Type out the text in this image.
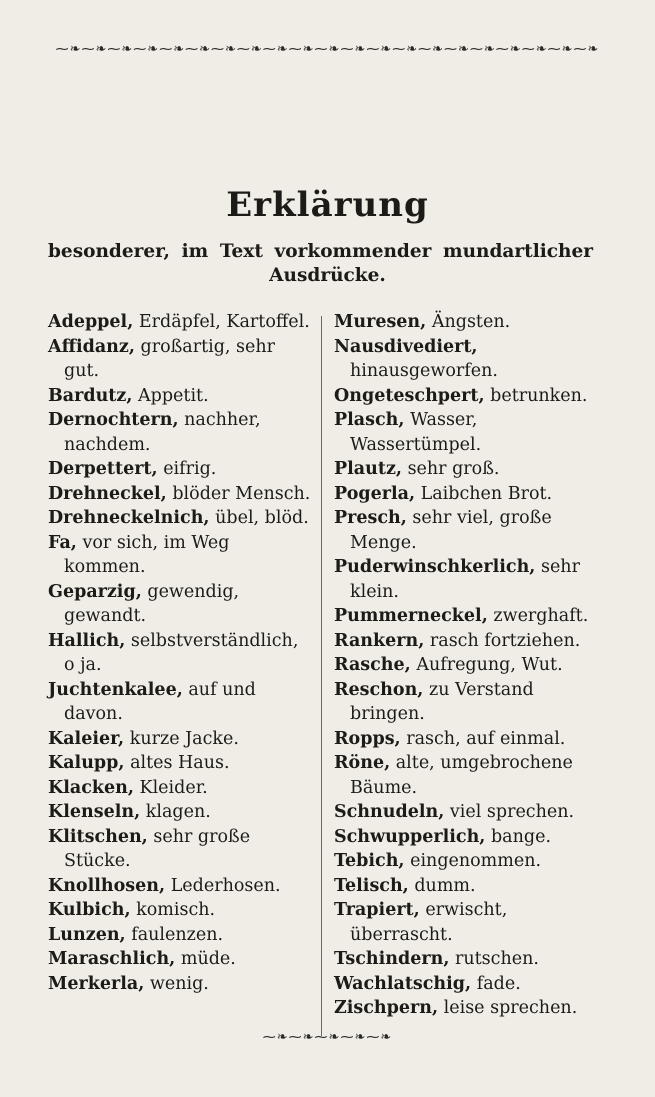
⁓❧⁓❧⁓❧⁓❧⁓❧⁓❧⁓❧⁓❧⁓❧⁓❧⁓❧⁓❧⁓❧⁓❧⁓❧⁓❧⁓❧⁓❧⁓❧⁓❧⁓❧
Erklärung
besonderer, im Text vorkommender mundartlicher
Ausdrücke.
Adeppel, Erdäpfel, Kartoffel.
Affidanz, großartig, sehr gut.
Bardutz, Appetit.
Dernochtern, nachher, nachdem.
Derpettert, eifrig.
Drehneckel, blöder Mensch.
Drehneckelnich, übel, blöd.
Fa, vor sich, im Weg kommen.
Geparzig, gewendig, gewandt.
Hallich, selbstverständlich, o ja.
Juchtenkalee, auf und davon.
Kaleier, kurze Jacke.
Kalupp, altes Haus.
Klacken, Kleider.
Klenseln, klagen.
Klitschen, sehr große Stücke.
Knollhosen, Lederhosen.
Kulbich, komisch.
Lunzen, faulenzen.
Maraschlich, müde.
Merkerla, wenig.
Muresen, Ängsten.
Nausdivediert, hinausgeworfen.
Ongeteschpert, betrunken.
Plasch, Wasser, Wassertümpel.
Plautz, sehr groß.
Pogerla, Laibchen Brot.
Presch, sehr viel, große Menge.
Puderwinschkerlich, sehr klein.
Pummerneckel, zwerghaft.
Rankern, rasch fortziehen.
Rasche, Aufregung, Wut.
Reschon, zu Verstand bringen.
Ropps, rasch, auf einmal.
Röne, alte, umgebrochene Bäume.
Schnudeln, viel sprechen.
Schwupperlich, bange.
Tebich, eingenommen.
Telisch, dumm.
Trapiert, erwischt, überrascht.
Tschindern, rutschen.
Wachlatschig, fade.
Zischpern, leise sprechen.
⁓❧⁓❧⁓❧⁓❧⁓❧
